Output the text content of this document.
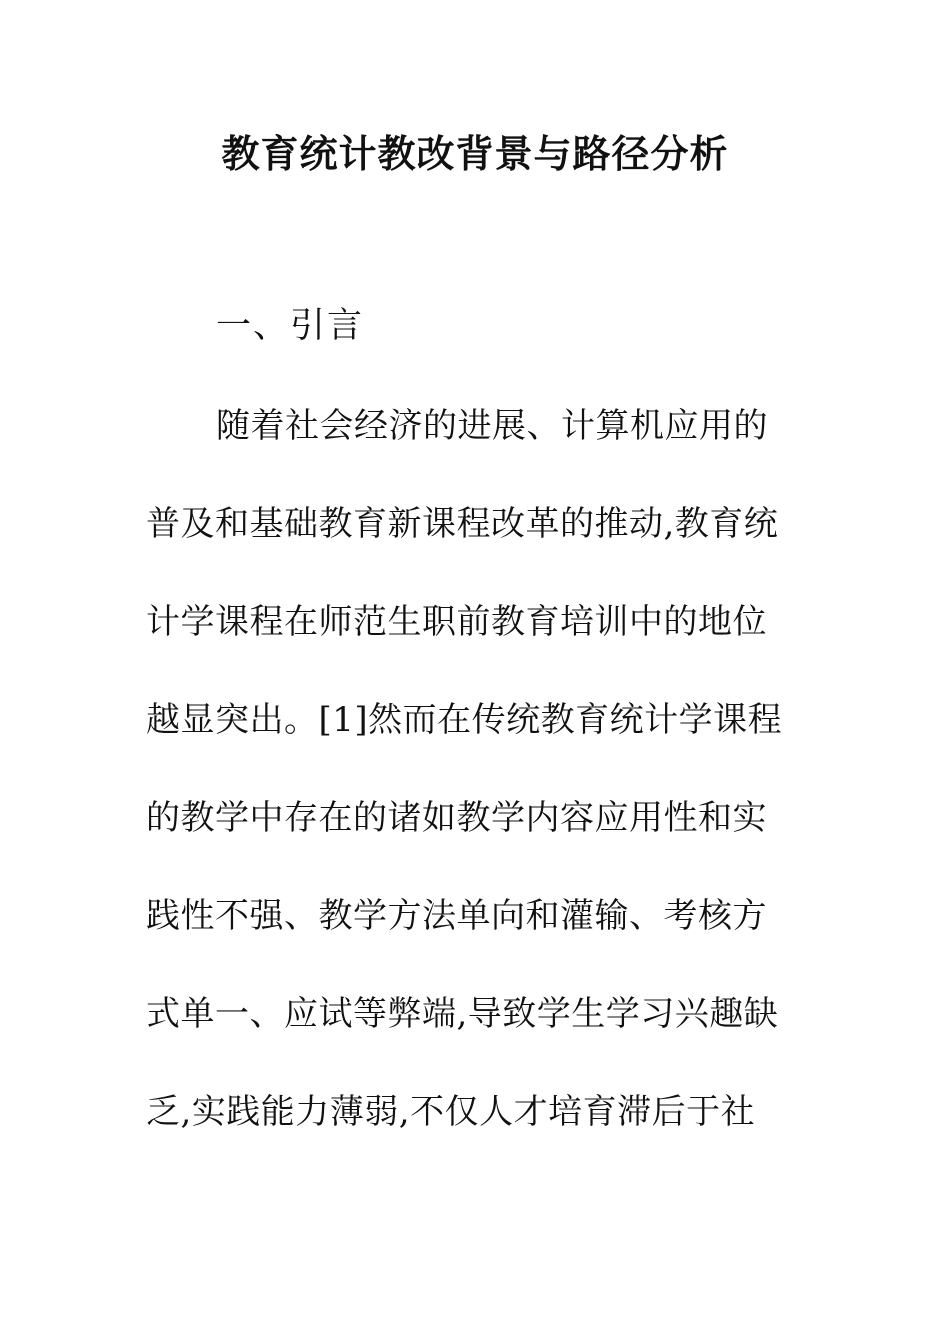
教育统计教改背景与路径分析
一、引言
随着社会经济的进展、计算机应用的
普及和基础教育新课程改革的推动,教育统
计学课程在师范生职前教育培训中的地位
越显突出。[1]然而在传统教育统计学课程
的教学中存在的诸如教学内容应用性和实
践性不强、教学方法单向和灌输、考核方
式单一、应试等弊端,导致学生学习兴趣缺
乏,实践能力薄弱,不仅人才培育滞后于社
